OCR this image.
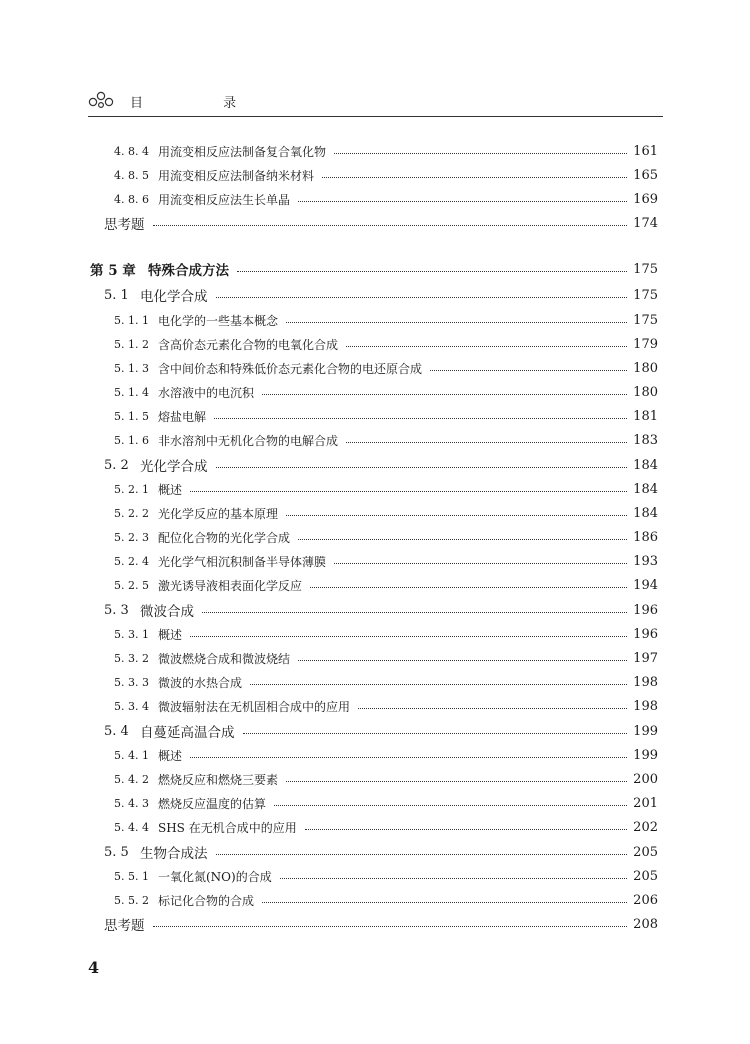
目 录
4. 8. 4 用流变相反应法制备复合氧化物	161
4. 8. 5 用流变相反应法制备纳米材料	165
4. 8. 6 用流变相反应法生长单晶	169
思考题	174
第 5 章 特殊合成方法	175
5. 1 电化学合成	175
5. 1. 1 电化学的一些基本概念	175
5. 1. 2 含高价态元素化合物的电氧化合成	179
5. 1. 3 含中间价态和特殊低价态元素化合物的电还原合成	180
5. 1. 4 水溶液中的电沉积	180
5. 1. 5 熔盐电解	181
5. 1. 6 非水溶剂中无机化合物的电解合成	183
5. 2 光化学合成	184
5. 2. 1 概述	184
5. 2. 2 光化学反应的基本原理	184
5. 2. 3 配位化合物的光化学合成	186
5. 2. 4 光化学气相沉积制备半导体薄膜	193
5. 2. 5 激光诱导液相表面化学反应	194
5. 3 微波合成	196
5. 3. 1 概述	196
5. 3. 2 微波燃烧合成和微波烧结	197
5. 3. 3 微波的水热合成	198
5. 3. 4 微波辐射法在无机固相合成中的应用	198
5. 4 自蔓延高温合成	199
5. 4. 1 概述	199
5. 4. 2 燃烧反应和燃烧三要素	200
5. 4. 3 燃烧反应温度的估算	201
5. 4. 4 SHS 在无机合成中的应用	202
5. 5 生物合成法	205
5. 5. 1 一氧化氮(NO)的合成	205
5. 5. 2 标记化合物的合成	206
思考题	208
4
